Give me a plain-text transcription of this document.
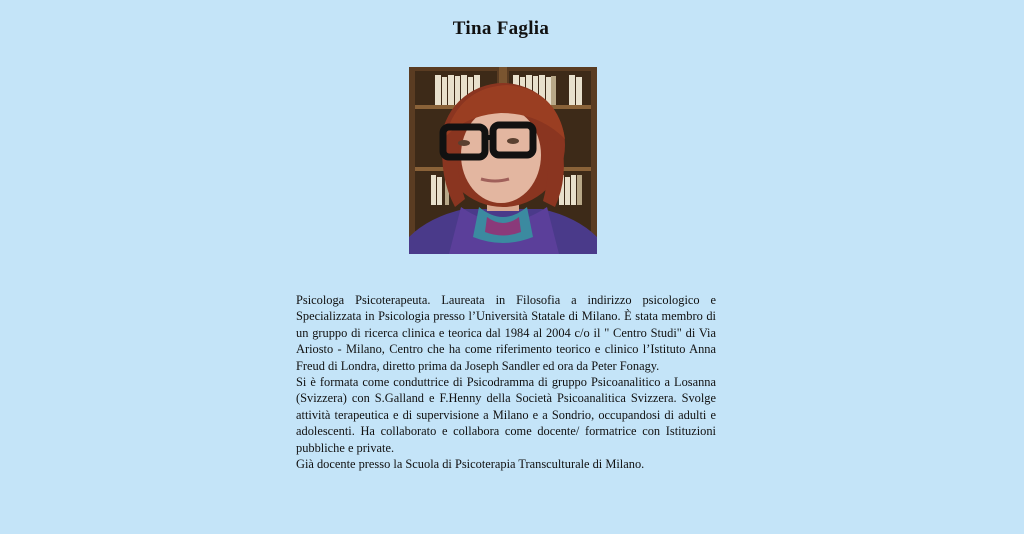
Tina Faglia

Psicologa Psicoterapeuta. Laureata in Filosofia a indirizzo psicologico e Specializzata in Psicologia presso l’Università Statale di Milano. È stata membro di un gruppo di ricerca clinica e teorica dal 1984 al 2004 c/o il " Centro Studi" di Via Ariosto - Milano, Centro che ha come riferimento teorico e clinico l’Istituto Anna Freud di Londra, diretto prima da Joseph Sandler ed ora da Peter Fonagy.

Si è formata come conduttrice di Psicodramma di gruppo Psicoanalitico a Losanna (Svizzera) con S.Galland e F.Henny della Società Psicoanalitica Svizzera. Svolge attività terapeutica e di supervisione a Milano e a Sondrio, occupandosi di adulti e adolescenti. Ha collaborato e collabora come docente/ formatrice con Istituzioni pubbliche e private.

Già docente presso la Scuola di Psicoterapia Transculturale di Milano.
